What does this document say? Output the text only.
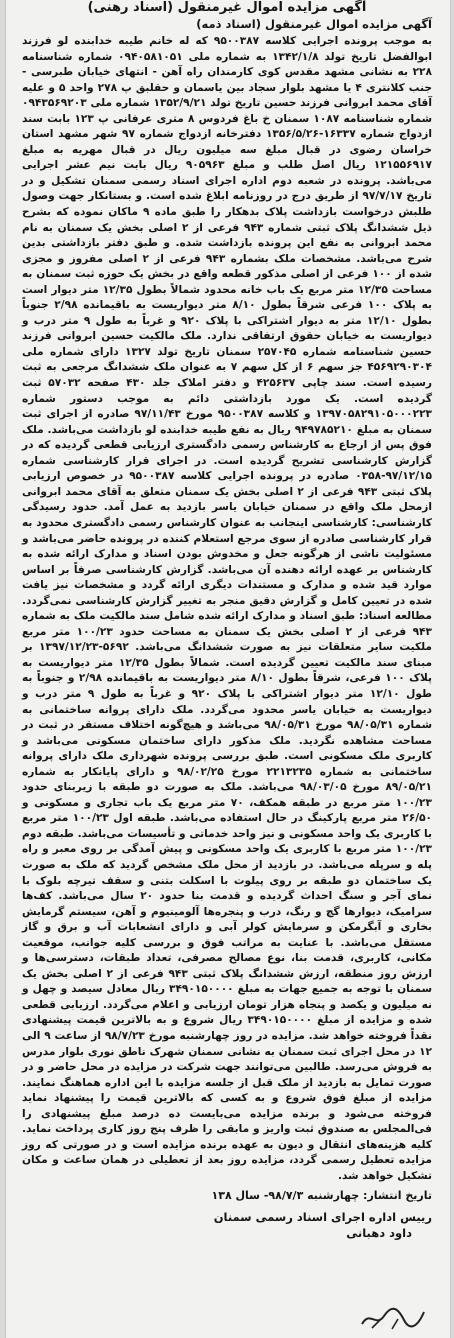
آگهی مزایده اموال غیرمنقول (اسناد رهنی)

آگهی مزایده اموال غیرمنقول (اسناد ذمه)

به موجب پرونده اجرایی کلاسه ۹۵۰۰۳۸۷ که له خانم طیبه خدابنده لو فرزند ابوالفضل تاریخ تولد ۱۳۴۲/۱/۸ به شماره ملی ۰۹۴۰۵۸۱۰۵۱ شماره شناسنامه ۲۲۸ به نشانی مشهد مقدس کوی کارمندان راه آهن - انتهای خیابان طبرسی - جنب کلانتری ۴ یا مشهد بلوار سجاد بین یاسمان و حقلبق پ ۲۷۸ واحد ۵ و علیه آقای محمد ابروانی فرزند حسین تاریخ تولد ۱۳۵۲/۹/۲۱ شماره ملی ۰۹۴۳۵۶۹۲۰۳ شماره شناسنامه ۱۰۸۷ سمنان خ باغ فردوس ۸ متری عرفانی پ ۱۲۳ بابت سند ازدواج شماره ۱۶۳۳۷-۱۳۵۶/۵/۲۶ دفترخانه ازدواج شماره ۹۷ شهر مشهد استان خراسان رضوی در قبال مبلغ سه میلیون ریال در قبال مهریه به مبلغ ۱۲۱۵۵۶۹۱۷ ریال اصل طلب و مبلغ ۹۰۵۹۶۳ ریال بابت نیم عشر اجرایی می‌باشد. پرونده در شعبه دوم اداره اجرای اسناد رسمی سمنان تشکیل و در تاریخ ۹۷/۷/۱۷ از طریق درج در روزنامه ابلاغ شده است. و بستانکار جهت وصول طلبش درخواست بازداشت پلاک بدهکار را طبق ماده ۹ ماکان نموده که بشرح ذیل ششدانگ پلاک ثبتی شماره ۹۴۳ فرعی از ۲ اصلی بخش یک سمنان به نام محمد ابروانی به نفع این پرونده بازداشت شده. و طبق دفتر بازداشتی بدین شرح می‌باشد. مشخصات ملک بشماره ۹۴۳ فرعی از ۲ اصلی مفروز و مجزی شده از ۱۰۰ فرعی از اصلی مذکور قطعه واقع در بخش یک حوزه ثبت سمنان به مساحت ۱۲/۳۵ متر مربع یک باب خانه محدود شمالاً بطول ۱۲/۳۵ متر دیوار است به پلاک ۱۰۰ فرعی شرقاً بطول ۸/۱۰ متر دیواریست به باقیمانده ۲/۹۸ جنوباً بطول ۱۲/۱۰ متر به دیوار اشتراکی با پلاک ۹۲۰ و غرباً به طول ۹ متر درب و دیواریست به خیابان حقوق ارتفاقی ندارد. ملک مالکیت حسین ابروانی فرزند حسین شناسنامه شماره ۲۵۷۰۴۵ سمنان تاریخ تولد ۱۳۲۷ دارای شماره ملی ۴۵۶۹۲۹۰۳۰۴ جز سهم ۶ از کل سهم ۷ به عنوان ملک ششدانگ مرجعی به ثبت رسیده است. سند چاپی ۴۲۵۶۳۷ و دفتر املاک جلد ۴۳۰ صفحه ۵۷۰۳۲ ثبت گردیده است. یک مورد بازداشتی دائم به موجب دستور شماره ۱۳۹۷۰۵۸۲۹۱۰۵۰۰۰۲۲۳ و کلاسه ۹۵۰۰۳۸۷ مورخ ۹۷/۱۱/۴۳ صادره از اجرای ثبت سمنان به مبلغ ۹۴۹۷۸۵۲۱۰ ریال به نفع طیبه خدابنده لو بازداشت می‌باشد. ملک فوق پس از ارجاع به کارشناس رسمی دادگستری ارزیابی قطعی گردیده که در گزارش کارشناسی تشریح گردیده است. در اجرای قرار کارشناسی شماره ۹۷/۱۲/۱۵-۰۳۵۸ صادره در پرونده اجرایی کلاسه ۹۵۰۰۳۸۷ در خصوص ارزیابی پلاک ثبتی ۹۴۳ فرعی از ۲ اصلی بخش یک سمنان متعلق به آقای محمد ابروانی ازمحل ملک واقع در سمنان خیابان یاسر بازدید به عمل آمد. حدود رسیدگی کارشناسی: کارشناسی اینجانب به عنوان کارشناس رسمی دادگستری محدود به قرار کارشناسی صادره از سوی مرجع استعلام کننده در پرونده حاضر می‌باشد و مسئولیت ناشی از هرگونه جعل و مخدوش بودن اسناد و مدارک ارائه شده به کارشناس بر عهده ارائه دهنده آن می‌باشد. گزارش کارشناسی صرفاً بر اساس موارد قید شده و مدارک و مستندات دیگری ارائه گردد و مشخصات نیز یافت شده در تعیین کامل و گزارش دقیق منجر به تغییر گزارش کارشناسی نمی‌گردد. مطالعه اسناد: طبق اسناد و مدارک ارائه شده شامل سند مالکیت ملک به شماره ۹۴۳ فرعی از ۲ اصلی بخش یک سمنان به مساحت حدود ۱۰۰/۲۳ متر مربع ملکیت سایر متعلقات نیز به صورت ششدانگ می‌باشد. ۵۶۹۲-۱۳۹۷/۱۲/۲۳ بر مبنای سند مالکیت تعیین گردیده است. شمالاً بطول ۱۲/۳۵ متر دیواریست به پلاک ۱۰۰ فرعی، شرقاً بطول ۸/۱۰ متر دیواریست به باقیمانده ۲/۹۸ و جنوباً به طول ۱۲/۱۰ متر دیوار اشتراکی با پلاک ۹۲۰ و غرباً به طول ۹ متر درب و دیواریست به خیابان یاسر محدود می‌گردد. ملک دارای پروانه ساختمانی به شماره ۹۸/۰۵/۳۱ مورخ ۹۸/۰۵/۳۱ می‌باشد و هیچ‌گونه اختلاف مستقر در ثبت در مساحت مشاهده نگردید. ملک مذکور دارای ساختمان مسکونی می‌باشد و کاربری ملک مسکونی است. طبق بررسی پرونده شهرداری ملک دارای پروانه ساختمانی به شماره ۲۲۱۳۲۳۵ مورخ ۹۸/۰۲/۲۵ و دارای پایانکار به شماره ۸۹/۰۵/۲۱ مورخ ۹۸/۰۳/۰۵ می‌باشد. ملک به صورت دو طبقه با زیربنای حدود ۱۰۰/۲۳ متر مربع در طبقه همکف، ۷۰ متر مربع یک باب تجاری و مسکونی و ۲۶/۵۰ متر مربع پارکینگ در حال استفاده می‌باشد. طبقه اول ۱۰۰/۲۳ متر مربع با کاربری یک واحد مسکونی و نیز واحد خدماتی و تأسیسات می‌باشد. طبقه دوم ۱۰۰/۲۳ متر مربع با کاربری یک واحد مسکونی و پیش آمدگی بر روی معبر و راه پله و سرپله می‌باشد. در بازدید از محل ملک مشخص گردید که ملک به صورت یک ساختمان دو طبقه بر روی پیلوت با اسکلت بتنی و سقف تیرچه بلوک با نمای آجر و سنگ احداث گردیده و قدمت بنا حدود ۲۰ سال می‌باشد. کف‌ها سرامیک، دیوارها گچ و رنگ، درب و پنجره‌ها آلومینیوم و آهن، سیستم گرمایش بخاری و آبگرمکن و سرمایش کولر آبی و دارای انشعابات آب و برق و گاز مستقل می‌باشد. با عنایت به مراتب فوق و بررسی کلیه جوانب، موقعیت مکانی، کاربری، قدمت بنا، نوع مصالح مصرفی، تعداد طبقات، دسترسی‌ها و ارزش روز منطقه، ارزش ششدانگ پلاک ثبتی ۹۴۳ فرعی از ۲ اصلی بخش یک سمنان با توجه به جمیع جهات به مبلغ ۳۴۹۰۱۵۰۰۰۰ ریال معادل سیصد و چهل و نه میلیون و یکصد و پنجاه هزار تومان ارزیابی و اعلام می‌گردد. ارزیابی قطعی شده و مزایده از مبلغ ۳۴۹۰۱۵۰۰۰۰ ریال شروع و به بالاترین قیمت پیشنهادی نقداً فروخته خواهد شد. مزایده در روز چهارشنبه مورخ ۹۸/۷/۲۳ از ساعت ۹ الی ۱۲ در محل اجرای ثبت سمنان به نشانی سمنان شهرک ناطق نوری بلوار مدرس به فروش می‌رسد. طالبین می‌توانند جهت شرکت در مزایده در محل حاضر و در صورت تمایل به بازدید از ملک قبل از جلسه مزایده با این اداره هماهنگ نمایند. مزایده از مبلغ فوق شروع و به کسی که بالاترین قیمت را پیشنهاد نماید فروخته می‌شود و برنده مزایده می‌بایست ده درصد مبلغ پیشنهادی را فی‌المجلس به صندوق ثبت واریز و مابقی را ظرف پنج روز کاری پرداخت نماید. کلیه هزینه‌های انتقال و دیون به عهده برنده مزایده است و در صورتی که روز مزایده تعطیل رسمی گردد، مزایده روز بعد از تعطیلی در همان ساعت و مکان تشکیل خواهد شد.

تاریخ انتشار: چهارشنبه ۹۸/۷/۳- سال ۱۳۸
رییس اداره اجرای اسناد رسمی سمنان
داود دهبانی
